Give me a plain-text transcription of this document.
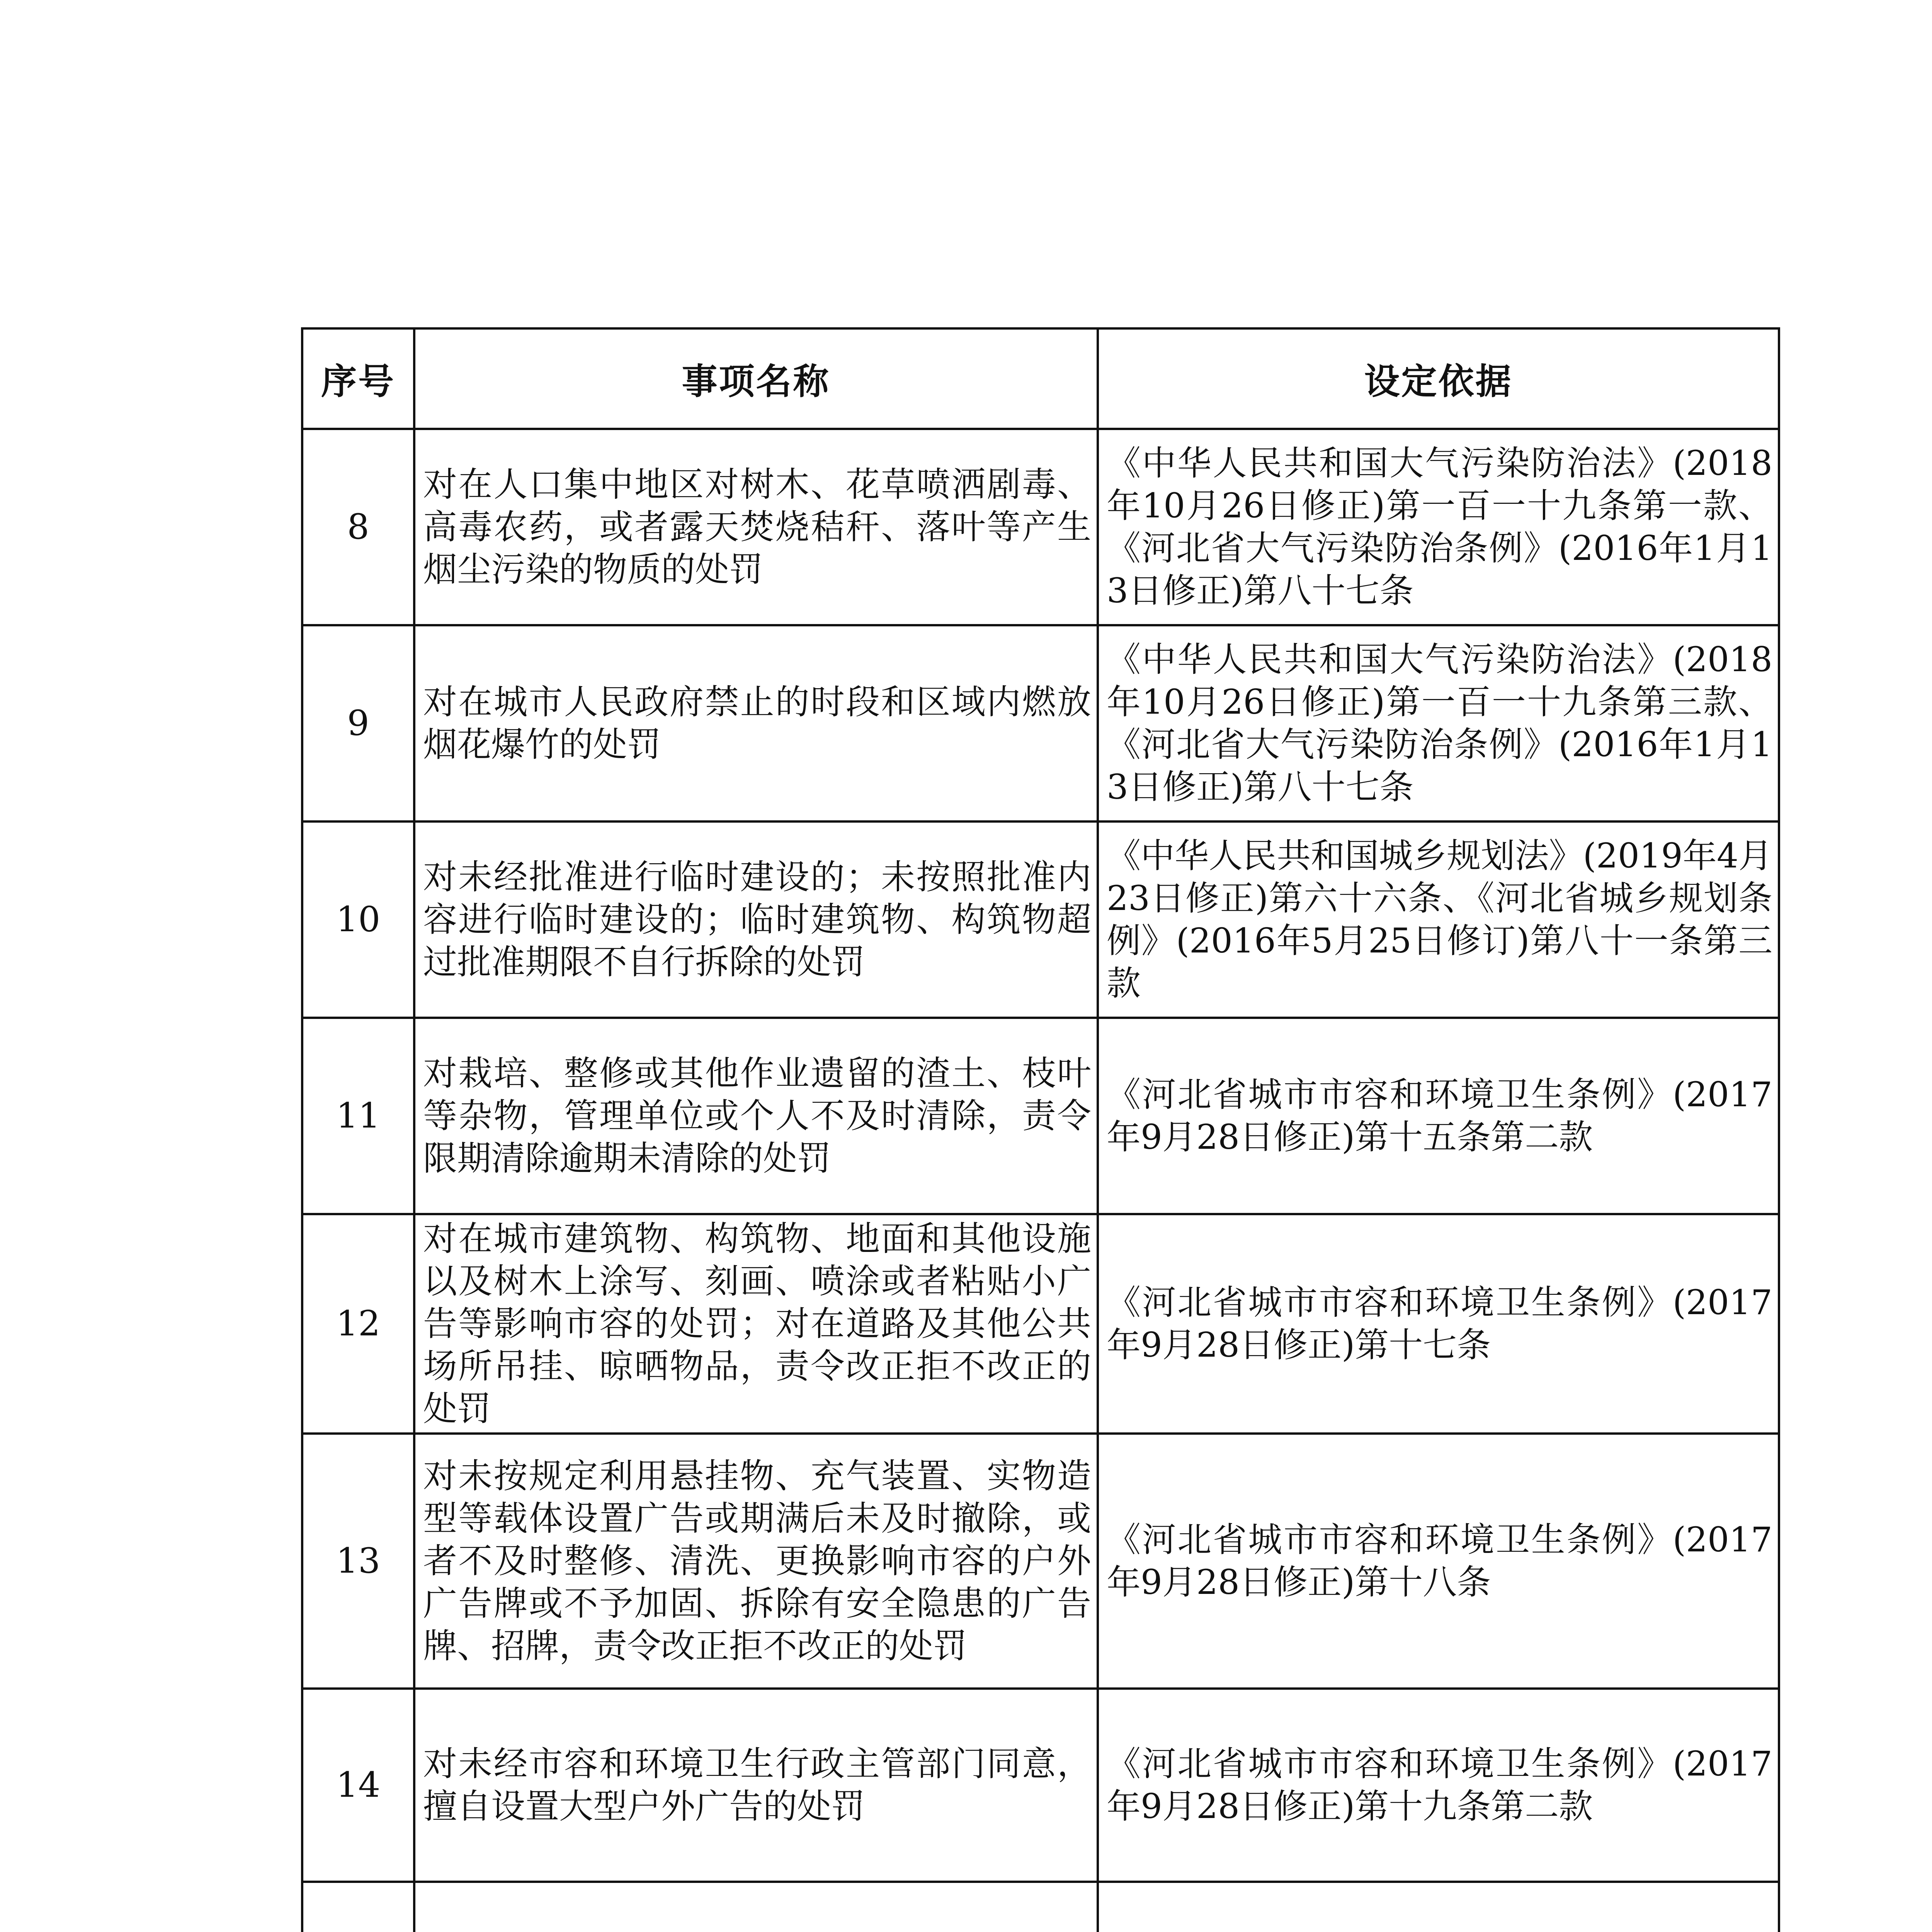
序号	事项名称	设定依据
8	对在人口集中地区对树木、花草喷洒剧毒、高毒农药，或者露天焚烧秸秆、落叶等产生烟尘污染的物质的处罚	《中华人民共和国大气污染防治法》(2018年10月26日修正)第一百一十九条第一款、《河北省大气污染防治条例》(2016年1月13日修正)第八十七条
9	对在城市人民政府禁止的时段和区域内燃放烟花爆竹的处罚	《中华人民共和国大气污染防治法》(2018年10月26日修正)第一百一十九条第三款、《河北省大气污染防治条例》(2016年1月13日修正)第八十七条
10	对未经批准进行临时建设的；未按照批准内容进行临时建设的；临时建筑物、构筑物超过批准期限不自行拆除的处罚	《中华人民共和国城乡规划法》(2019年4月23日修正)第六十六条、《河北省城乡规划条例》(2016年5月25日修订)第八十一条第三款
11	对栽培、整修或其他作业遗留的渣土、枝叶等杂物，管理单位或个人不及时清除，责令限期清除逾期未清除的处罚	《河北省城市市容和环境卫生条例》(2017年9月28日修正)第十五条第二款
12	对在城市建筑物、构筑物、地面和其他设施以及树木上涂写、刻画、喷涂或者粘贴小广告等影响市容的处罚；对在道路及其他公共场所吊挂、晾晒物品，责令改正拒不改正的处罚	《河北省城市市容和环境卫生条例》(2017年9月28日修正)第十七条
13	对未按规定利用悬挂物、充气装置、实物造型等载体设置广告或期满后未及时撤除，或者不及时整修、清洗、更换影响市容的户外广告牌或不予加固、拆除有安全隐患的广告牌、招牌，责令改正拒不改正的处罚	《河北省城市市容和环境卫生条例》(2017年9月28日修正)第十八条
14	对未经市容和环境卫生行政主管部门同意，擅自设置大型户外广告的处罚	《河北省城市市容和环境卫生条例》(2017年9月28日修正)第十九条第二款
